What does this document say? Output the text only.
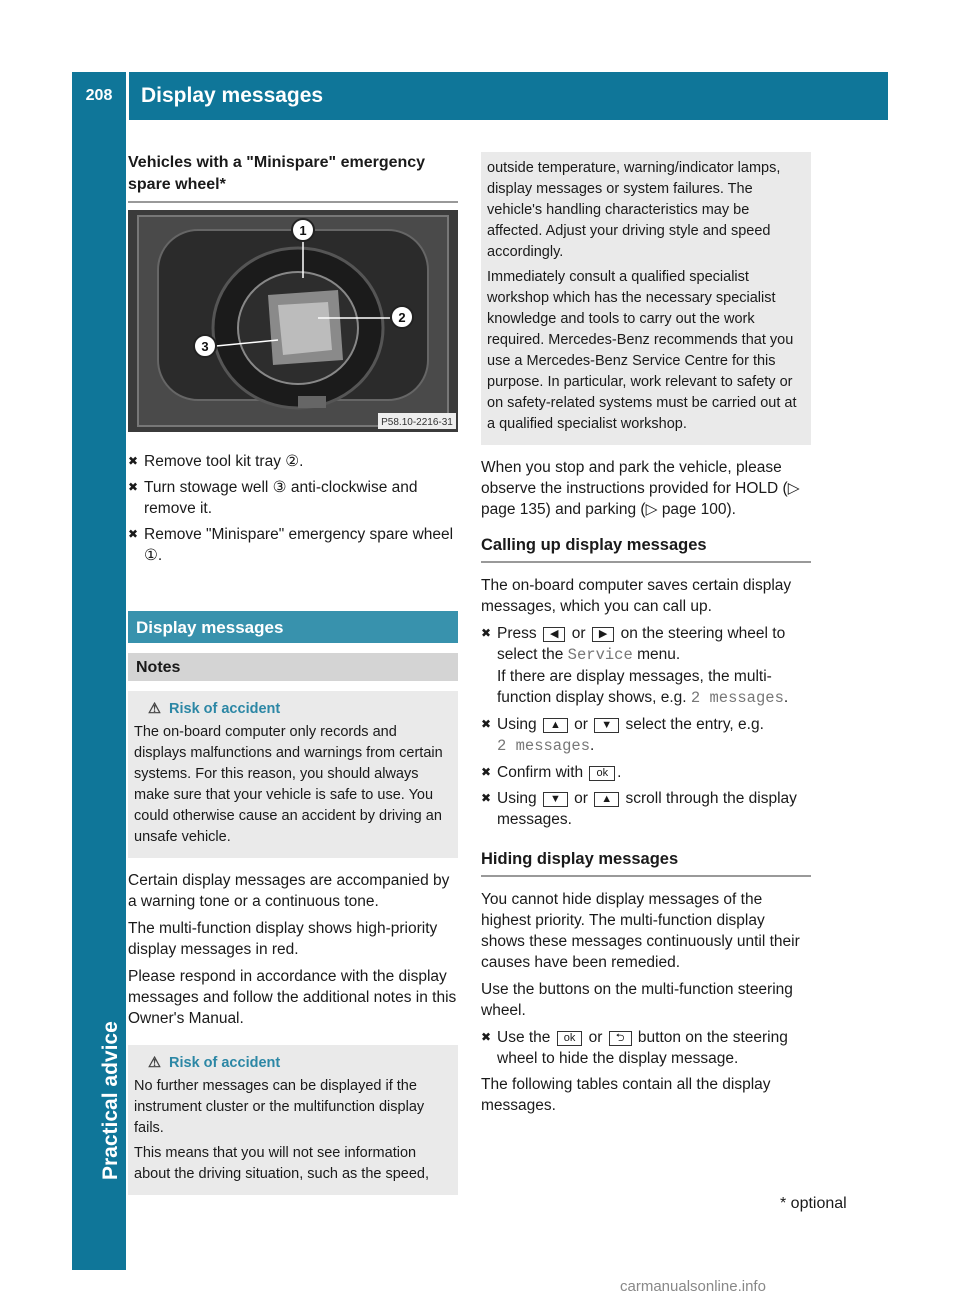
208	Display messages
Practical advice
Vehicles with a "Minispare" emergency spare wheel*
1
2
3
P58.10-2216-31
✖ Remove tool kit tray ②.
✖ Turn stowage well ③ anti-clockwise and remove it.
✖ Remove "Minispare" emergency spare wheel ①.
Display messages
Notes
⚠ Risk of accident

The on-board computer only records and displays malfunctions and warnings from certain systems. For this reason, you should always make sure that your vehicle is safe to use. You could otherwise cause an accident by driving an unsafe vehicle.

Certain display messages are accompanied by a warning tone or a continuous tone.

The multi-function display shows high-priority display messages in red.

Please respond in accordance with the display messages and follow the additional notes in this Owner's Manual.

⚠ Risk of accident

No further messages can be displayed if the instrument cluster or the multifunction display fails.

This means that you will not see information about the driving situation, such as the speed,

outside temperature, warning/indicator lamps, display messages or system failures. The vehicle's handling characteristics may be affected. Adjust your driving style and speed accordingly.

Immediately consult a qualified specialist workshop which has the necessary specialist knowledge and tools to carry out the work required. Mercedes-Benz recommends that you use a Mercedes-Benz Service Centre for this purpose. In particular, work relevant to safety or on safety-related systems must be carried out at a qualified specialist workshop.

When you stop and park the vehicle, please observe the instructions provided for HOLD (▷ page 135) and parking (▷ page 100).

Calling up display messages

The on-board computer saves certain display messages, which you can call up.

✖ Press ◀ or ▶ on the steering wheel to select the Service menu.
If there are display messages, the multi-function display shows, e.g. 2 messages.
✖ Using ▲ or ▼ select the entry, e.g.
2 messages.
✖ Confirm with ok .
✖ Using ▼ or ▲ scroll through the display messages.
Hiding display messages

You cannot hide display messages of the highest priority. The multi-function display shows these messages continuously until their causes have been remedied.

Use the buttons on the multi-function steering wheel.

✖ Use the ok or ⮌ button on the steering wheel to hide the display message.

The following tables contain all the display messages.

* optional
carmanualsonline.info
